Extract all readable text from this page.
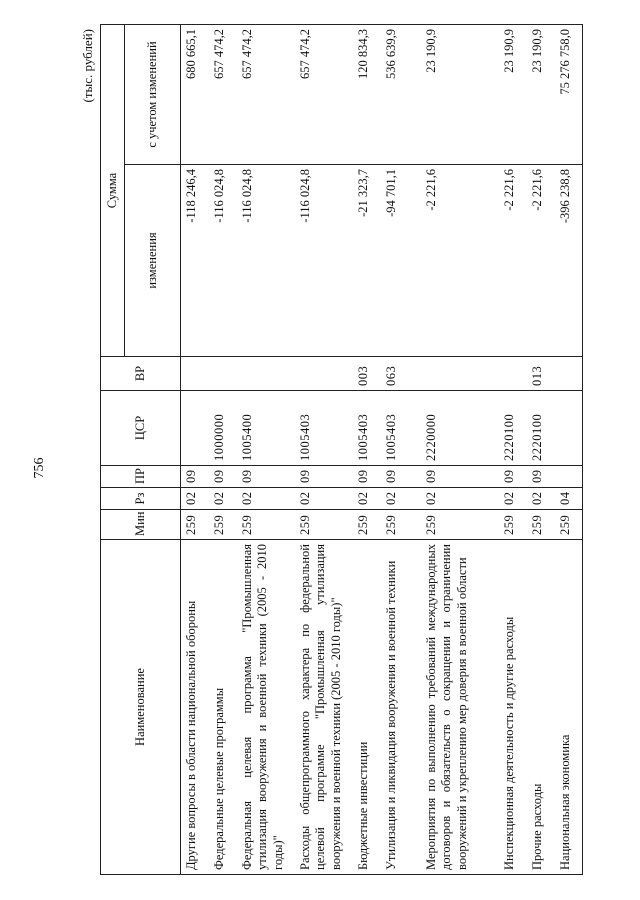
756
(тыс. рублей)
Наименование	Мин	Рз	ПР	ЦСР	ВР	Сумма	
						изменения	с учетом изменений
Другие вопросы в области национальной обороны	259	02	09			-118 246,4	680 665,1
Федеральные целевые программы	259	02	09	1000000		-116 024,8	657 474,2
Федеральная целевая программа "Промышленная утилизация вооружения и военной техники (2005 - 2010 годы)"	259	02	09	1005400		-116 024,8	657 474,2
Расходы общепрограммного характера по федеральной целевой программе "Промышленная утилизация вооружения и военной техники (2005 - 2010 годы)"	259	02	09	1005403		-116 024,8	657 474,2
Бюджетные инвестиции	259	02	09	1005403	003	-21 323,7	120 834,3
Утилизация и ликвидация вооружения и военной техники	259	02	09	1005403	063	-94 701,1	536 639,9
Мероприятия по выполнению требований международных договоров и обязательств о сокращении и ограничении вооружений и укреплению мер доверия в военной области	259	02	09	2220000		-2 221,6	23 190,9
Инспекционная деятельность и другие расходы	259	02	09	2220100		-2 221,6	23 190,9
Прочие расходы	259	02	09	2220100	013	-2 221,6	23 190,9
Национальная экономика	259	04				-396 238,8	75 276 758,0
